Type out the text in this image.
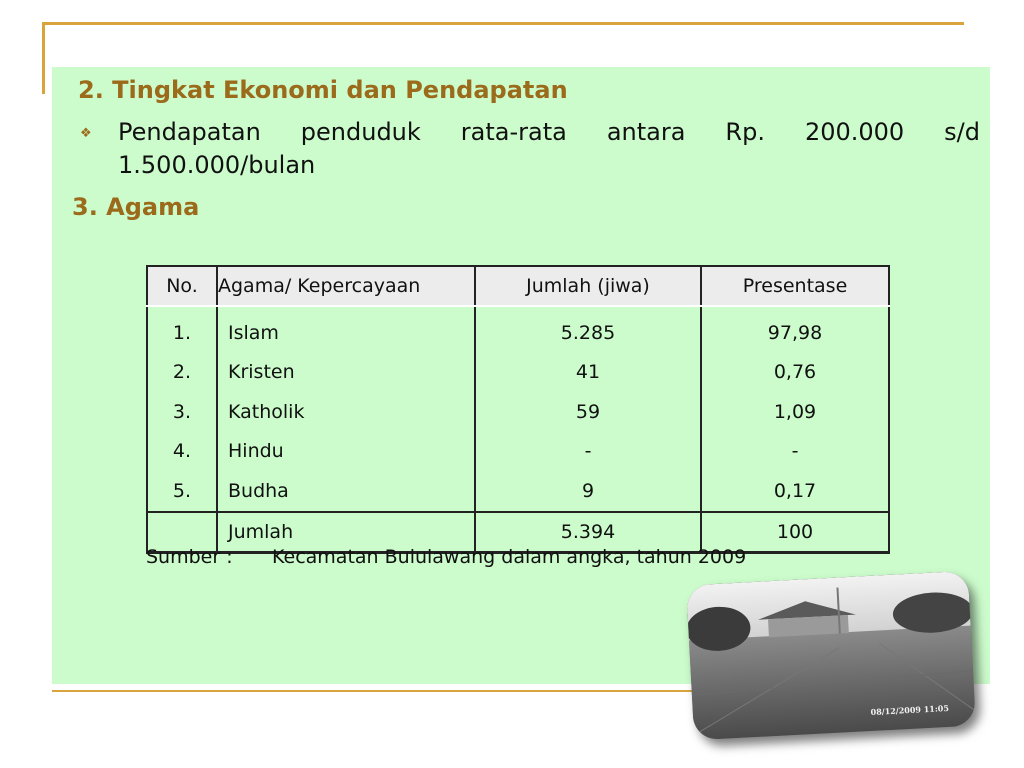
2. Tingkat Ekonomi dan Pendapatan
❖ Pendapatan penduduk rata-rata antara Rp. 200.000 s/d 1.500.000/bulan

3. Agama
No.	Agama/ Kepercayaan	Jumlah (jiwa)	Presentase
1.	Islam	5.285	97,98
2.	Kristen	41	0,76
3.	Katholik	59	1,09
4.	Hindu	-	-
5.	Budha	9	0,17
	Jumlah	5.394	100
Sumber : Kecamatan Bululawang dalam angka, tahun 2009
08/12/2009 11:05
